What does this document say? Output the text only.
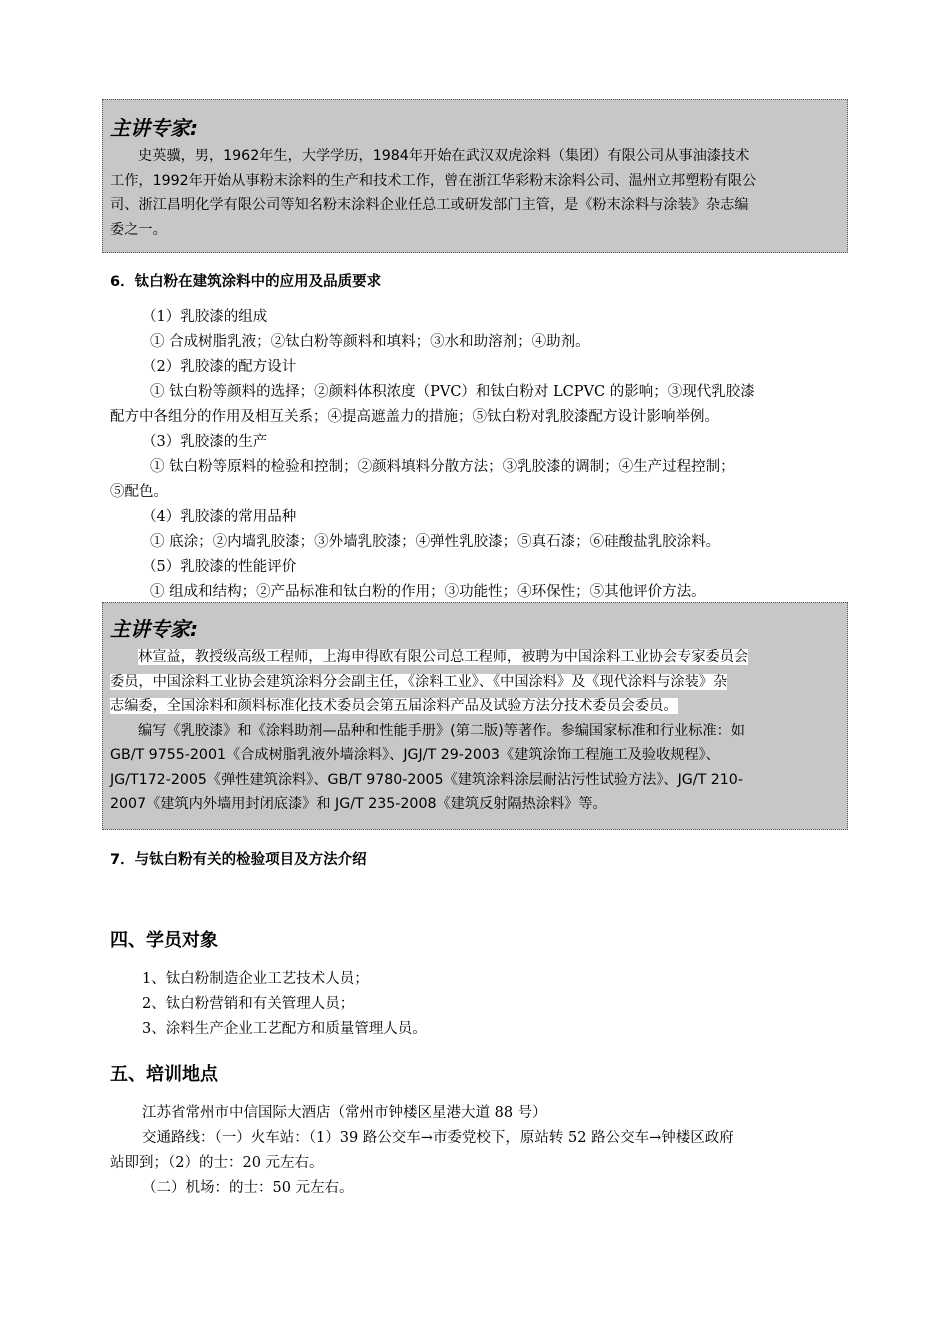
主讲专家:

史英骥，男，1962年生，大学学历，1984年开始在武汉双虎涂料（集团）有限公司从事油漆技术

工作，1992年开始从事粉末涂料的生产和技术工作，曾在浙江华彩粉末涂料公司、温州立邦塑粉有限公

司、浙江昌明化学有限公司等知名粉末涂料企业任总工或研发部门主管，是《粉末涂料与涂装》杂志编

委之一。

6．钛白粉在建筑涂料中的应用及品质要求
（1）乳胶漆的组成
① 合成树脂乳液；②钛白粉等颜料和填料；③水和助溶剂；④助剂。
（2）乳胶漆的配方设计
① 钛白粉等颜料的选择；②颜料体积浓度（PVC）和钛白粉对 LCPVC 的影响；③现代乳胶漆
配方中各组分的作用及相互关系；④提高遮盖力的措施；⑤钛白粉对乳胶漆配方设计影响举例。
（3）乳胶漆的生产
① 钛白粉等原料的检验和控制；②颜料填料分散方法；③乳胶漆的调制；④生产过程控制；
⑤配色。
（4）乳胶漆的常用品种
① 底涂；②内墙乳胶漆；③外墙乳胶漆；④弹性乳胶漆；⑤真石漆；⑥硅酸盐乳胶涂料。
（5）乳胶漆的性能评价
① 组成和结构；②产品标准和钛白粉的作用；③功能性；④环保性；⑤其他评价方法。
主讲专家:

林宣益，教授级高级工程师，上海申得欧有限公司总工程师，被聘为中国涂料工业协会专家委员会

委员，中国涂料工业协会建筑涂料分会副主任，《涂料工业》、《中国涂料》及《现代涂料与涂装》杂

志编委，全国涂料和颜料标准化技术委员会第五届涂料产品及试验方法分技术委员会委员。

编写《乳胶漆》和《涂料助剂—品种和性能手册》(第二版)等著作。参编国家标准和行业标准：如

GB/T 9755-2001《合成树脂乳液外墙涂料》、JGJ/T 29-2003《建筑涂饰工程施工及验收规程》、

JG/T172-2005《弹性建筑涂料》、GB/T 9780-2005《建筑涂料涂层耐沾污性试验方法》、JG/T 210-

2007《建筑内外墙用封闭底漆》和 JG/T 235-2008《建筑反射隔热涂料》等。

7．与钛白粉有关的检验项目及方法介绍
四、学员对象
1、钛白粉制造企业工艺技术人员；
2、钛白粉营销和有关管理人员；
3、涂料生产企业工艺配方和质量管理人员。
五、培训地点
江苏省常州市中信国际大酒店（常州市钟楼区星港大道 88 号）
交通路线：（一）火车站：（1）39 路公交车→市委党校下，原站转 52 路公交车→钟楼区政府
站即到；（2）的士：20 元左右。
（二）机场：的士：50 元左右。
